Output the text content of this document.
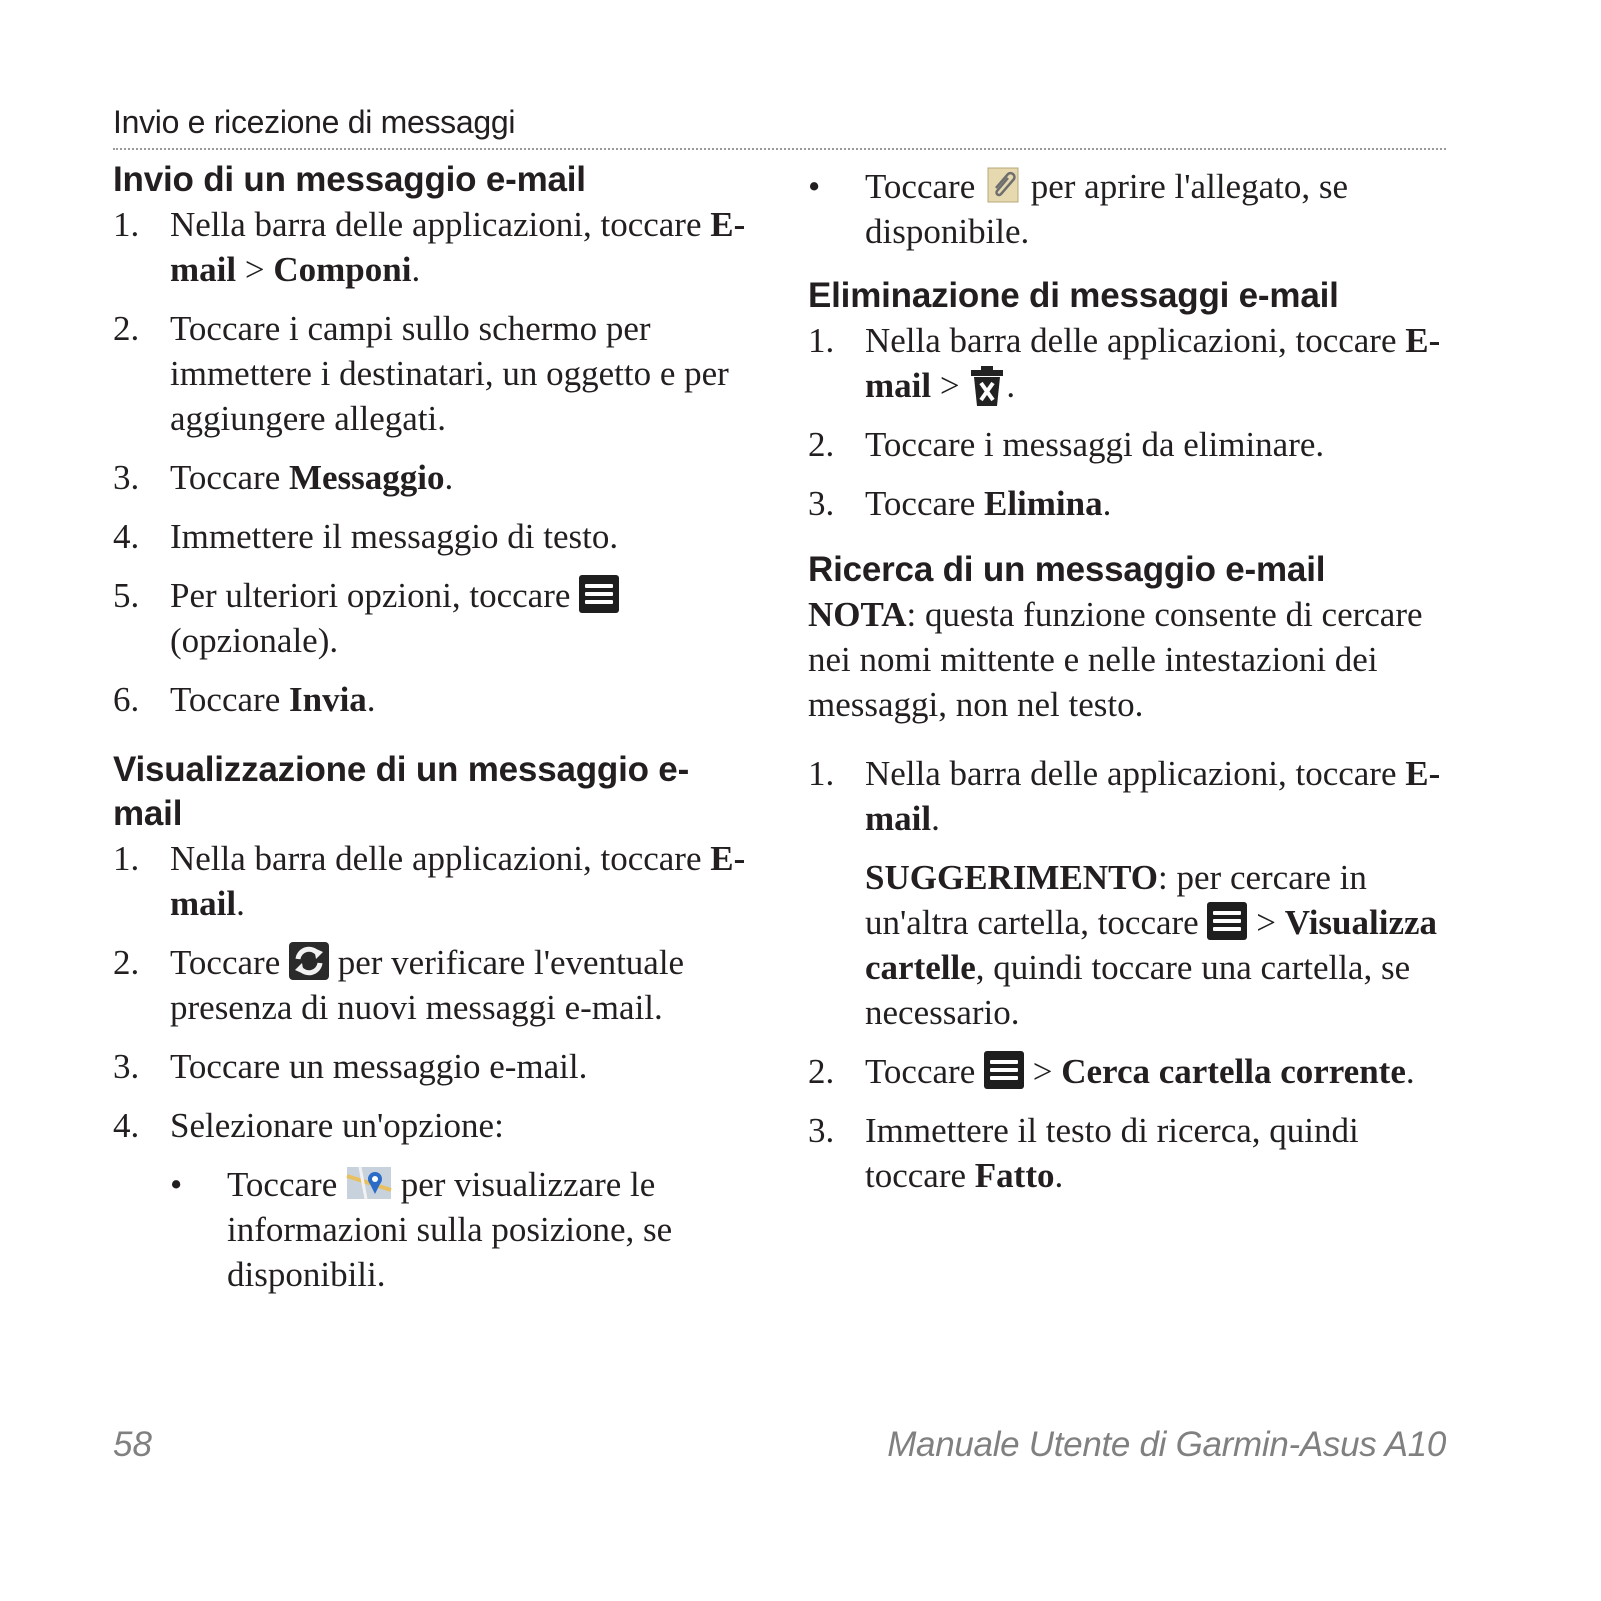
Invio e ricezione di messaggi
Invio di un messaggio e-mail
1. Nella barra delle applicazioni, toccare E-mail > Componi.
2. Toccare i campi sullo schermo per immettere i destinatari, un oggetto e per aggiungere allegati.
3. Toccare Messaggio.
4. Immettere il messaggio di testo.
5. Per ulteriori opzioni, toccare
(opzionale).
6. Toccare Invia.
Visualizzazione di un messaggio e-mail
1. Nella barra delle applicazioni, toccare E-mail.
2. Toccare  per verificare l'eventuale presenza di nuovi messaggi e-mail.
3. Toccare un messaggio e-mail.
4. Selezionare un'opzione:
• Toccare  per visualizzare le informazioni sulla posizione, se disponibili.
• Toccare  per aprire l'allegato, se disponibile.
Eliminazione di messaggi e-mail
1. Nella barra delle applicazioni, toccare E-mail > .
2. Toccare i messaggi da eliminare.
3. Toccare Elimina.
Ricerca di un messaggio e-mail

NOTA: questa funzione consente di cercare nei nomi mittente e nelle intestazioni dei messaggi, non nel testo.

1. Nella barra delle applicazioni, toccare E-mail.

SUGGERIMENTO: per cercare in un'altra cartella, toccare
> Visualizza cartelle, quindi toccare una cartella, se necessario.

2. Toccare
> Cerca cartella corrente.
3. Immettere il testo di ricerca, quindi toccare Fatto.
58	Manuale Utente di Garmin-Asus A10
